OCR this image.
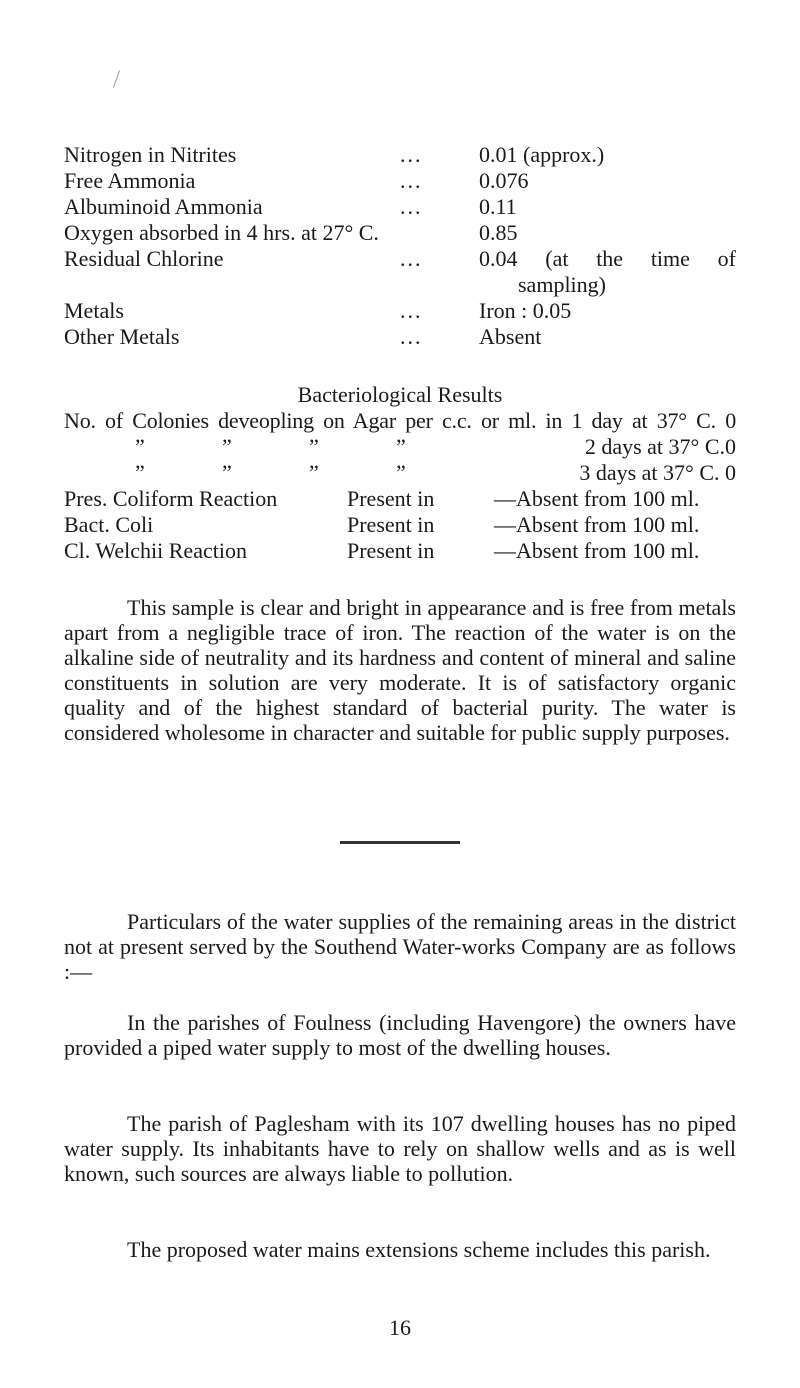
Nitrogen in Nitrites	...	0.01 (approx.)
Free Ammonia	...	0.076
Albuminoid Ammonia	...	0.11
Oxygen absorbed in 4 hrs. at 27° C.	0.85
Residual Chlorine	...	0.04 (at the time of
sampling)
Metals	...	Iron : 0.05
Other Metals	...	Absent
Bacteriological Results
No. of Colonies deveopling on Agar per c.c. or ml. in 1 day at 37° C. 0
”	”	”	”	2 days at 37° C.0
”	”	”	”	3 days at 37° C. 0
Pres. Coliform Reaction	Present in	—Absent from 100 ml.
Bact. Coli	Present in	—Absent from 100 ml.
Cl. Welchii Reaction	Present in	—Absent from 100 ml.
This sample is clear and bright in appearance and is free from metals apart from a negligible trace of iron. The reaction of the water is on the alkaline side of neutrality and its hardness and content of mineral and saline constituents in solution are very moderate. It is of satisfactory organic quality and of the highest standard of bacterial purity. The water is considered wholesome in character and suitable for public supply purposes.
Particulars of the water supplies of the remaining areas in the district not at present served by the Southend Water-works Company are as follows :—
In the parishes of Foulness (including Havengore) the owners have provided a piped water supply to most of the dwelling houses.
The parish of Paglesham with its 107 dwelling houses has no piped water supply. Its inhabitants have to rely on shallow wells and as is well known, such sources are always liable to pollution.
The proposed water mains extensions scheme includes this parish.
16
